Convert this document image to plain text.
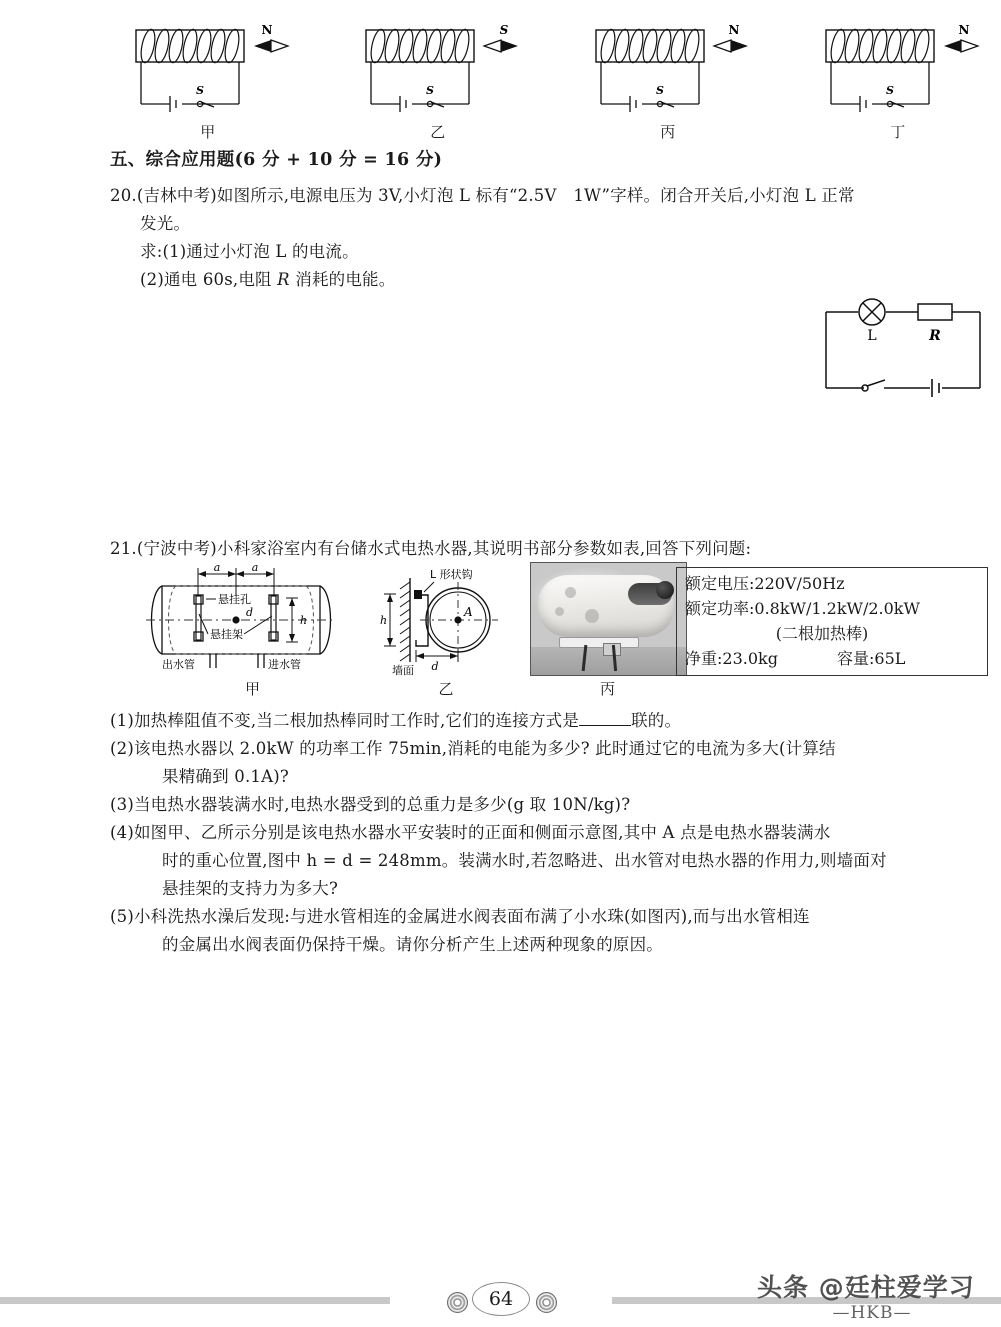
S
N
甲
S
S
乙
S
N
丙
S
N
丁
五、综合应用题(6 分 + 10 分 = 16 分)
20.(吉林中考)如图所示,电源电压为 3V,小灯泡 L 标有“2.5V　1W”字样。闭合开关后,小灯泡 L 正常
发光。
求:(1)通过小灯泡 L 的电流。
(2)通电 60s,电阻 R 消耗的电能。
L	R
21.(宁波中考)小科家浴室内有台储水式电热水器,其说明书部分参数如表,回答下列问题:
a	a
d
悬挂孔
悬挂架
h
出水管	进水管
甲
墙面
A
L 形状钩
h
d
乙	丙
额定电压:220V/50Hz
额定功率:0.8kW/1.2kW/2.0kW
(二根加热棒)
净重:23.0kg	容量:65L
(1)加热棒阻值不变,当二根加热棒同时工作时,它们的连接方式是	联的。
(2)该电热水器以 2.0kW 的功率工作 75min,消耗的电能为多少? 此时通过它的电流为多大(计算结
果精确到 0.1A)?
(3)当电热水器装满水时,电热水器受到的总重力是多少(g 取 10N/kg)?
(4)如图甲、乙所示分别是该电热水器水平安装时的正面和侧面示意图,其中 A 点是电热水器装满水
时的重心位置,图中 h = d = 248mm。装满水时,若忽略进、出水管对电热水器的作用力,则墙面对
悬挂架的支持力为多大?
(5)小科洗热水澡后发现:与进水管相连的金属进水阀表面布满了小水珠(如图丙),而与出水管相连
的金属出水阀表面仍保持干燥。请你分析产生上述两种现象的原因。
64	头条 @廷柱爱学习
—HKB—
